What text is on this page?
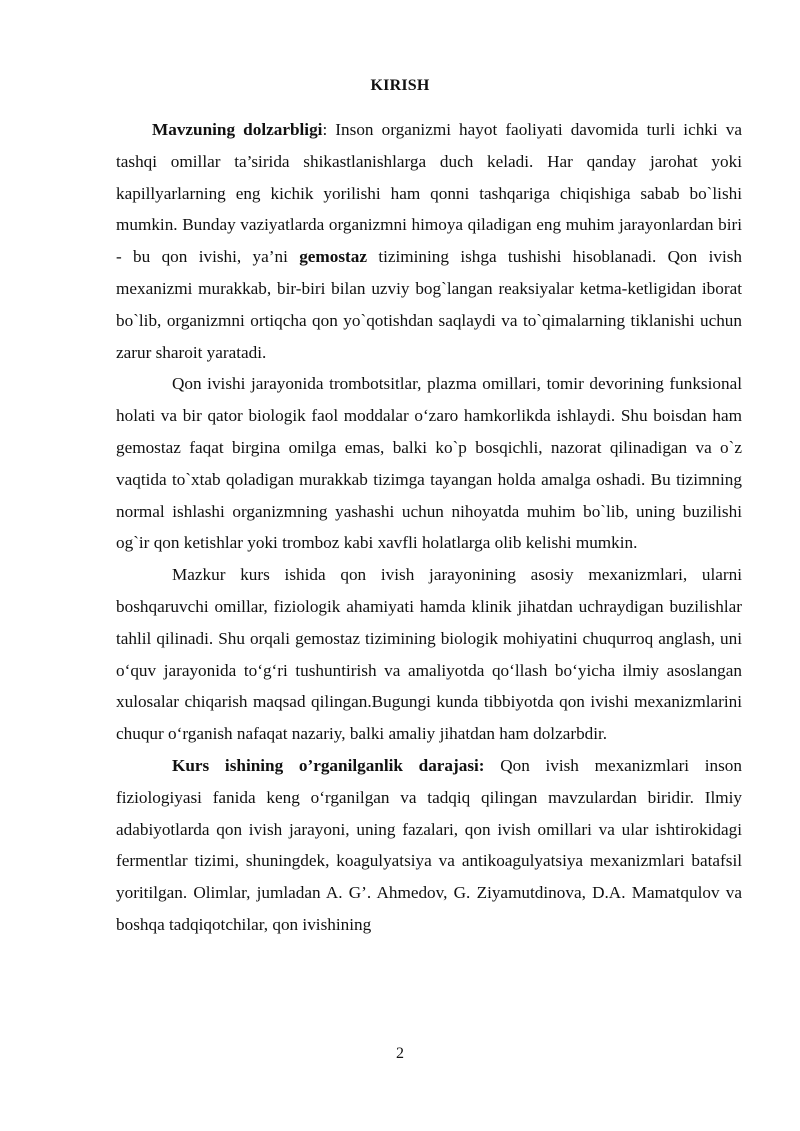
KIRISH

Mavzuning dolzarbligi: Inson organizmi hayot faoliyati davomida turli ichki va tashqi omillar ta’sirida shikastlanishlarga duch keladi. Har qanday jarohat yoki kapillyarlarning eng kichik yorilishi ham qonni tashqariga chiqishiga sabab bo`lishi mumkin. Bunday vaziyatlarda organizmni himoya qiladigan eng muhim jarayonlardan biri - bu qon ivishi, ya’ni gemostaz tizimining ishga tushishi hisoblanadi. Qon ivish mexanizmi murakkab, bir-biri bilan uzviy bog`langan reaksiyalar ketma-ketligidan iborat bo`lib, organizmni ortiqcha qon yo`qotishdan saqlaydi va to`qimalarning tiklanishi uchun zarur sharoit yaratadi.

Qon ivishi jarayonida trombotsitlar, plazma omillari, tomir devorining funksional holati va bir qator biologik faol moddalar o‘zaro hamkorlikda ishlaydi. Shu boisdan ham gemostaz faqat birgina omilga emas, balki ko`p bosqichli, nazorat qilinadigan va o`z vaqtida to`xtab qoladigan murakkab tizimga tayangan holda amalga oshadi. Bu tizimning normal ishlashi organizmning yashashi uchun nihoyatda muhim bo`lib, uning buzilishi og`ir qon ketishlar yoki tromboz kabi xavfli holatlarga olib kelishi mumkin.

Mazkur kurs ishida qon ivish jarayonining asosiy mexanizmlari, ularni boshqaruvchi omillar, fiziologik ahamiyati hamda klinik jihatdan uchraydigan buzilishlar tahlil qilinadi. Shu orqali gemostaz tizimining biologik mohiyatini chuqurroq anglash, uni o‘quv jarayonida to‘g‘ri tushuntirish va amaliyotda qo‘llash bo‘yicha ilmiy asoslangan xulosalar chiqarish maqsad qilingan.Bugungi kunda tibbiyotda qon ivishi mexanizmlarini chuqur o‘rganish nafaqat nazariy, balki amaliy jihatdan ham dolzarbdir.

Kurs ishining o’rganilganlik darajasi: Qon ivish mexanizmlari inson fiziologiyasi fanida keng o‘rganilgan va tadqiq qilingan mavzulardan biridir. Ilmiy adabiyotlarda qon ivish jarayoni, uning fazalari, qon ivish omillari va ular ishtirokidagi fermentlar tizimi, shuningdek, koagulyatsiya va antikoagulyatsiya mexanizmlari batafsil yoritilgan. Olimlar, jumladan A. G’. Ahmedov, G. Ziyamutdinova, D.A. Mamatqulov va boshqa tadqiqotchilar, qon ivishining

2
